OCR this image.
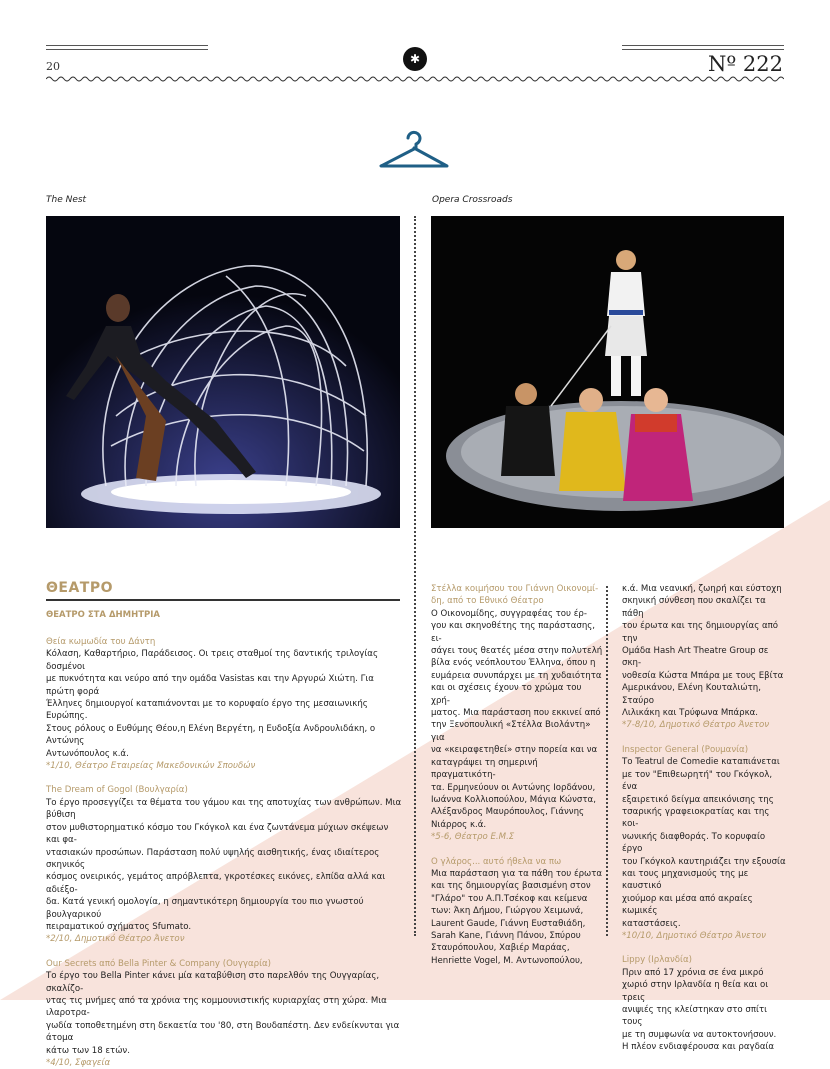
20
✱	Nº 222
The Nest	Opera Crossroads
ΘΕΑΤΡΟ
ΘΕΑΤΡΟ ΣΤΑ ΔΗΜΗΤΡΙΑ

Θεία κωμωδία του Δάντη

Κόλαση, Καθαρτήριο, Παράδεισος. Οι τρεις σταθμοί της δαντικής τριλογίας δοσμένοι

με πυκνότητα και νεύρο από την ομάδα Vasistas και την Αργυρώ Χιώτη. Για πρώτη φορά

Έλληνες δημιουργοί καταπιάνονται με το κορυφαίο έργο της μεσαιωνικής Ευρώπης.

Στους ρόλους ο Ευθύμης Θέου,η Ελένη Βεργέτη, η Ευδοξία Ανδρουλιδάκη, ο Αντώνης

Αντωνόπουλος κ.ά.

*1/10, Θέατρο Εταιρείας Μακεδονικών Σπουδών

The Dream of Gogol (Βουλγαρία)

Το έργο προσεγγίζει τα θέματα του γάμου και της αποτυχίας των ανθρώπων. Μια βύθιση

στον μυθιστορηματικό κόσμο του Γκόγκολ και ένα ζωντάνεμα μύχιων σκέψεων και φα-

ντασιακών προσώπων. Παράσταση πολύ υψηλής αισθητικής, ένας ιδιαίτερος σκηνικός

κόσμος ονειρικός, γεμάτος απρόβλεπτα, γκροτέσκες εικόνες, ελπίδα αλλά και αδιέξο-

δα. Κατά γενική ομολογία, η σημαντικότερη δημιουργία του πιο γνωστού βουλγαρικού

πειραματικού σχήματος Sfumato.

*2/10, Δημοτικό Θέατρο Άνετον

Our Secrets από Bella Pinter & Company (Ουγγαρία)

Το έργο του Bella Pinter κάνει μία καταβύθιση στο παρελθόν της Ουγγαρίας, σκαλίζο-

ντας τις μνήμες από τα χρόνια της κομμουνιστικής κυριαρχίας στη χώρα. Μια ιλαροτρα-

γωδία τοποθετημένη στη δεκαετία του '80, στη Βουδαπέστη. Δεν ενδείκνυται για άτομα

κάτω των 18 ετών.

*4/10, Σφαγεία

Στέλλα κοιμήσου του Γιάννη Οικονομί-

δη, από το Εθνικό Θέατρο

Ο Οικονομίδης, συγγραφέας του έρ-

γου και σκηνοθέτης της παράστασης, ει-

σάγει τους θεατές μέσα στην πολυτελή

βίλα ενός νεόπλουτου Έλληνα, όπου η

ευμάρεια συνυπάρχει με τη χυδαιότητα

και οι σχέσεις έχουν το χρώμα του χρή-

ματος. Μια παράσταση που εκκινεί από

την Ξενοπουλική «Στέλλα Βιολάντη» για

να «κειραφετηθεί» στην πορεία και να

καταγράψει τη σημερινή πραγματικότη-

τα. Ερμηνεύουν οι Αντώνης Ιορδάνου,

Ιωάννα Κολλιοπούλου, Μάγια Κώνστα,

Αλέξανδρος Μαυρόπουλος, Γιάννης

Νιάρρος κ.ά.

*5-6, Θέατρο Ε.Μ.Σ

Ο γλάρος... αυτό ήθελα να πω

Μια παράσταση για τα πάθη του έρωτα

και της δημιουργίας βασισμένη στον

"Γλάρο" του Α.Π.Τσέκοφ και κείμενα

των: Άκη Δήμου, Γιώργου Χειμωνά,

Laurent Gaude, Γιάννη Ευσταθιάδη,

Sarah Kane, Γιάννη Πάνου, Σπύρου

Σταυρόπουλου, Χαβιέρ Μαράας,

Henriette Vogel, Μ. Αντωνοπούλου,

κ.ά. Μια νεανική, ζωηρή και εύστοχη

σκηνική σύνθεση που σκαλίζει τα πάθη

του έρωτα και της δημιουργίας από την

Ομάδα Hash Art Theatre Group σε σκη-

νοθεσία Κώστα Μπάρα με τους Εβίτα

Αμερικάνου, Ελένη Κουταλιώτη, Σταύρο

Λιλικάκη και Τρύφωνα Μπάρκα.

*7-8/10, Δημοτικό Θέατρο Άνετον

Inspector General (Ρουμανία)

Το Teatrul de Comedie καταπιάνεται

με τον "Επιθεωρητή" του Γκόγκολ, ένα

εξαιρετικό δείγμα απεικόνισης της

τσαρικής γραφειοκρατίας και της κοι-

νωνικής διαφθοράς. Το κορυφαίο έργο

του Γκόγκολ καυτηριάζει την εξουσία

και τους μηχανισμούς της με καυστικό

χιούμορ και μέσα από ακραίες κωμικές

καταστάσεις.

*10/10, Δημοτικό Θέατρο Άνετον

Lippy (Ιρλανδία)

Πριν από 17 χρόνια σε ένα μικρό

χωριό στην Ιρλανδία η θεία και οι τρεις

ανιψιές της κλείστηκαν στο σπίτι τους

με τη συμφωνία να αυτοκτονήσουν.

Η πλέον ενδιαφέρουσα και ραγδαία
